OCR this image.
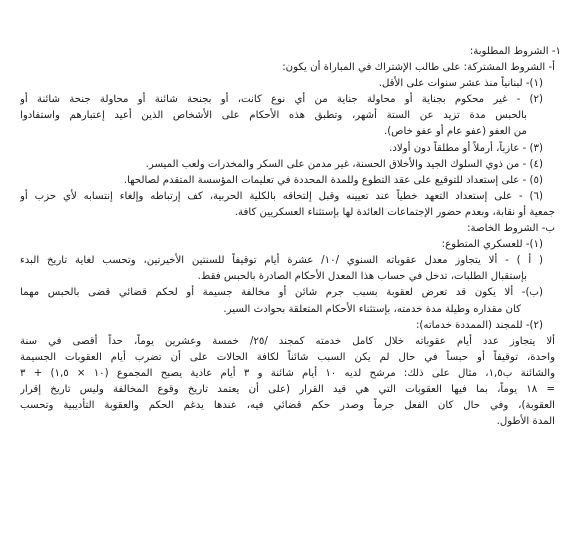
١- الشروط المطلوبة:
أ- الشروط المشتركة: على طالب الإشتراك في المباراة أن يكون:
(١)- لبنانياً منذ عشر سنوات على الأقل.
(٢) - غير محكوم بجناية أو محاولة جناية من أي نوع كانت، أو بجنحة شائنة أو محاولة جنحة شائنة أو
بالحبس مدة تزيد عن الستة أشهر، وتطبق هذه الأحكام على الأشخاص الذين أعيد إعتبارهم واستفادوا
من العفو (عفو عام أو عفو خاص).
(٣) - عازباً، أرملاً أو مطلقاً دون أولاد.
(٤) - من ذوي السلوك الجيد والأخلاق الحسنة، غير مدمن على السكر والمخدرات ولعب الميسر.
(٥) - على إستعداد للتوقيع على عقد التطوع وللمدة المحددة في تعليمات المؤسسة المتقدم لصالحها.
(٦) - على إستعداد التعهد خطياً عند تعيينه وقبل إلتحاقه بالكلية الحربية، كف إرتباطه وإلغاء إنتسابه لأي حزب أو
جمعية أو نقابة، وبعدم حضور الإجتماعات العائدة لها بإستثناء العسكريين كافة.
ب- الشروط الخاصة:
(١)- للعسكري المتطوع:
( أ ) - ألا يتجاوز معدل عقوباته السنوي /١٠/ عشرة أيام توقيفاً للسنتين الأخيرتين، وتحسب لغاية تاريخ البدء
بإستقبال الطلبات، تدخل في حساب هذا المعدل الأحكام الصادرة بالحبس فقط.
(ب)- ألا يكون قد تعرض لعقوبة بسبب جرم شائن أو مخالفة جسيمة أو لحكم قضائي قضى بالحبس مهما
كان مقداره وطيلة مدة خدمته، بإستثناء الأحكام المتعلقة بحوادث السير.
(٢)- للمجند (الممددة خدماته):
ألا يتجاوز عدد أيام عقوباته خلال كامل خدمته كمجند /٢٥/ خمسة وعشرين يوماً، حداً أقصى في سنة
واحدة، توقيفاً أو حبساً في حال لم يكن السبب شائناً لكافة الحالات على أن تضرب أيام العقوبات الجسيمة
والشائنة ب١,٥، مثال على ذلك: مرشح لديه ١٠ أيام شائنة و ٣ أيام عادية يصبح المجموع (١٠ × ١,٥) + ٣
= ١٨ يوماً، بما فيها العقوبات التي هي قيد القرار (على أن يعتمد تاريخ وقوع المخالفة وليس تاريخ إقرار
العقوبة)، وفي حال كان الفعل جرماً وصدر حكم قضائي فيه، عندها يدغم الحكم والعقوبة التأديبية وتحسب
المدة الأطول.
